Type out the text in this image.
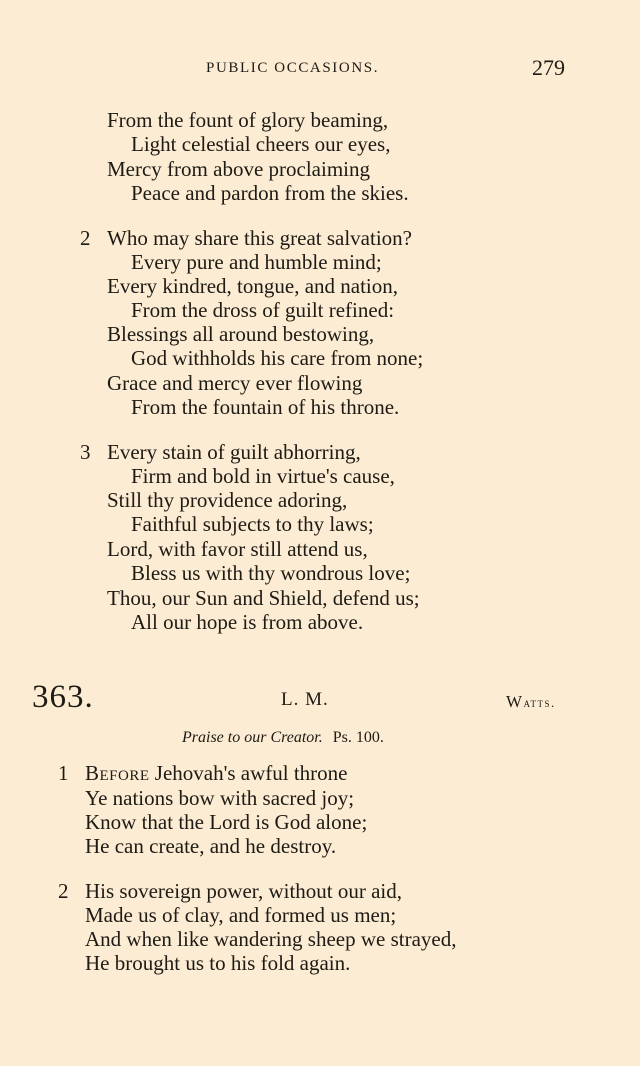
PUBLIC OCCASIONS.	279
From the fount of glory beaming,
Light celestial cheers our eyes,
Mercy from above proclaiming
Peace and pardon from the skies.
2 Who may share this great salvation?
Every pure and humble mind;
Every kindred, tongue, and nation,
From the dross of guilt refined:
Blessings all around bestowing,
God withholds his care from none;
Grace and mercy ever flowing
From the fountain of his throne.
3 Every stain of guilt abhorring,
Firm and bold in virtue's cause,
Still thy providence adoring,
Faithful subjects to thy laws;
Lord, with favor still attend us,
Bless us with thy wondrous love;
Thou, our Sun and Shield, defend us;
All our hope is from above.
363.	L. M.	Watts.
Praise to our Creator. Ps. 100.
1 Before Jehovah's awful throne
Ye nations bow with sacred joy;
Know that the Lord is God alone;
He can create, and he destroy.
2 His sovereign power, without our aid,
Made us of clay, and formed us men;
And when like wandering sheep we strayed,
He brought us to his fold again.
